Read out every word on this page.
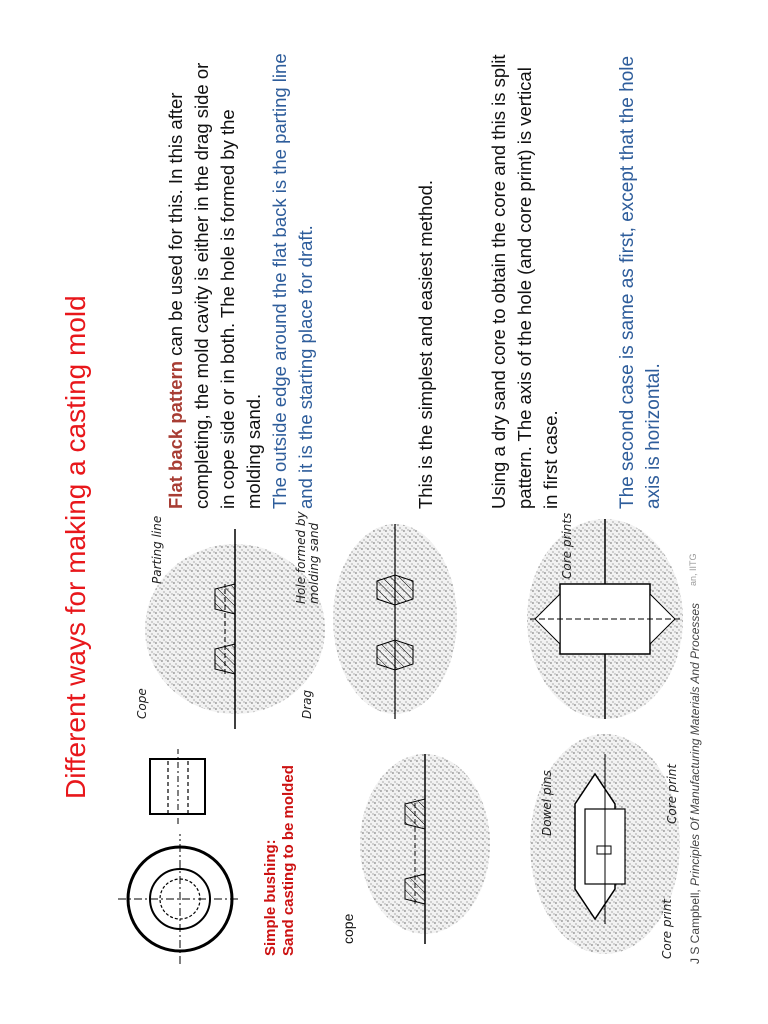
Different ways for making a casting mold
Simple bushing: Sand casting to be molded
Parting line
Cope	Drag
Hole formed by molding sand
cope	Core print
Dowel pins	Core print
Core prints
Flat back pattern can be used for this. In this after completing, the mold cavity is either in the drag side or in cope side or in both. The hole is formed by the molding sand. The outside edge around the flat back is the parting line and it is the starting place for draft.	This is the simplest and easiest method.	Using a dry sand core to obtain the core and this is split pattern. The axis of the hole (and core print) is vertical in first case.	The second case is same as first, except that the hole axis is horizontal.
J S Campbell, Principles Of Manufacturing Materials And Processes
an, IITG
